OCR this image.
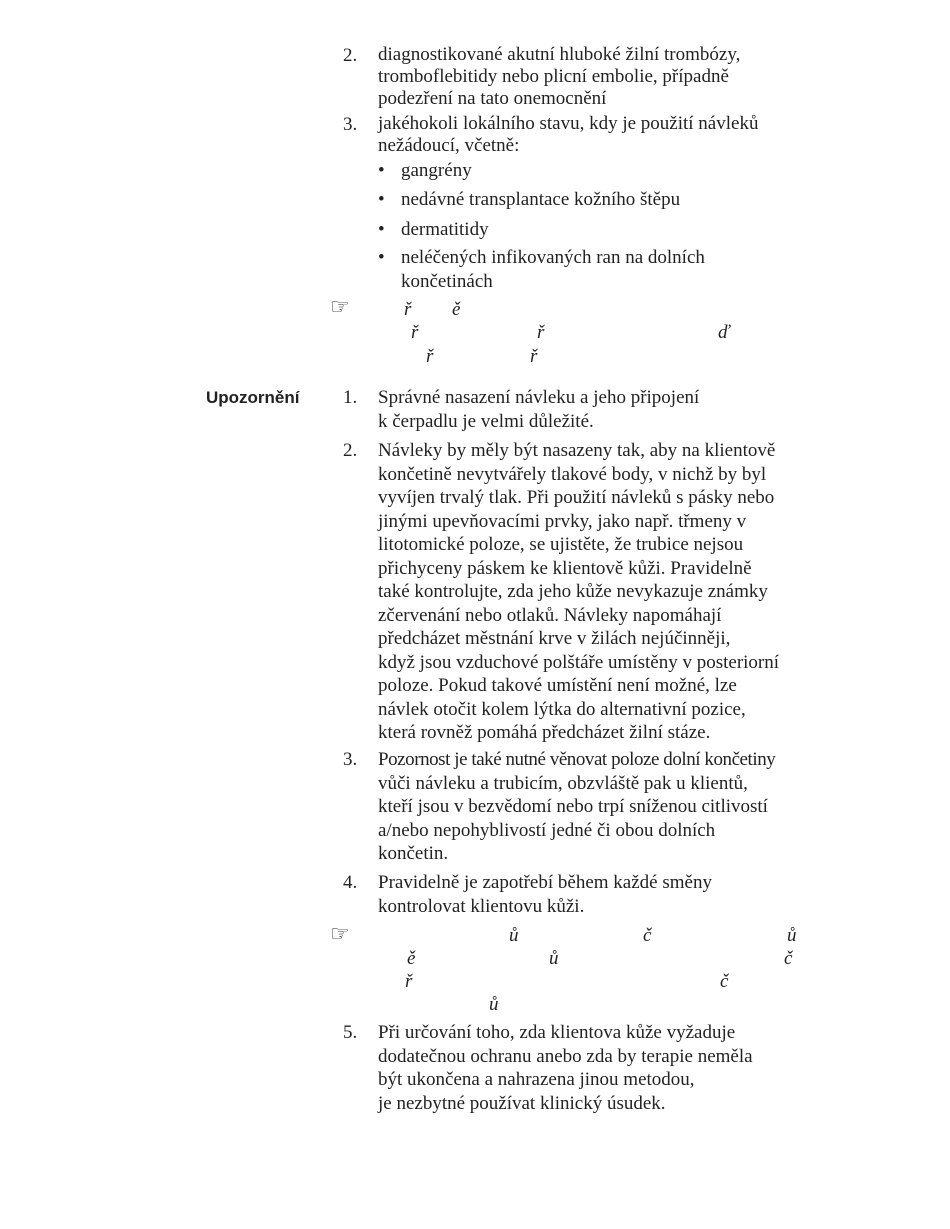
2. diagnostikované akutní hluboké žilní trombózy,
tromboflebitidy nebo plicní embolie, případně
podezření na tato onemocnění
3. jakéhokoli lokálního stavu, kdy je použití návleků
nežádoucí, včetně:
• gangrény
• nedávné transplantace kožního štěpu
• dermatitidy
• neléčených infikovaných ran na dolních
končetinách
☞	ř ě
ř	ř	ď
ř	ř
Upozornění 1. Správné nasazení návleku a jeho připojení
k čerpadlu je velmi důležité.
2. Návleky by měly být nasazeny tak, aby na klientově
končetině nevytvářely tlakové body, v nichž by byl
vyvíjen trvalý tlak. Při použití návleků s pásky nebo
jinými upevňovacími prvky, jako např. třmeny v
litotomické poloze, se ujistěte, že trubice nejsou
přichyceny páskem ke klientově kůži. Pravidelně
také kontrolujte, zda jeho kůže nevykazuje známky
zčervenání nebo otlaků. Návleky napomáhají
předcházet městnání krve v žilách nejúčinněji,
když jsou vzduchové polštáře umístěny v posteriorní
poloze. Pokud takové umístění není možné, lze
návlek otočit kolem lýtka do alternativní pozice,
která rovněž pomáhá předcházet žilní stáze.
3. Pozornost je také nutné věnovat poloze dolní končetiny
vůči návleku a trubicím, obzvláště pak u klientů,
kteří jsou v bezvědomí nebo trpí sníženou citlivostí
a/nebo nepohyblivostí jedné či obou dolních
končetin.
4. Pravidelně je zapotřebí během každé směny
kontrolovat klientovu kůži.
☞	ů	č	ů
ě	ů	č
ř	č
ů
5. Při určování toho, zda klientova kůže vyžaduje
dodatečnou ochranu anebo zda by terapie neměla
být ukončena a nahrazena jinou metodou,
je nezbytné používat klinický úsudek.
